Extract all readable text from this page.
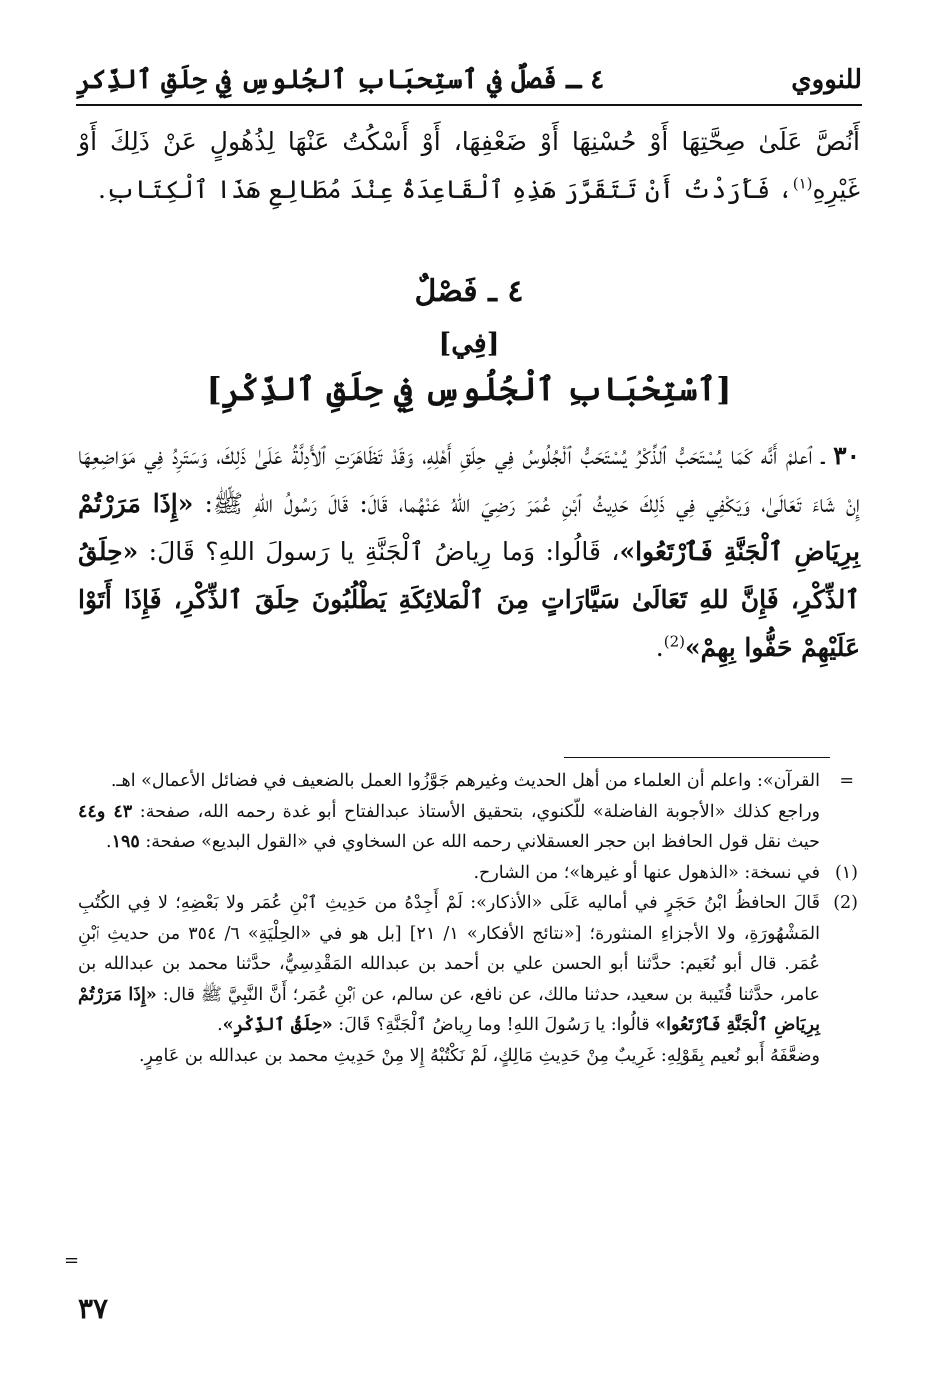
للنووي
٤ ـ فَصلٌ في ٱستِحبَابِ ٱلجُلوسِ فِي حِلَقِ ٱلذِّكرِ

أَنُصَّ عَلَىٰ صِحَّتِهَا أَوْ حُسْنِهَا أَوْ ضَعْفِهَا، أَوْ أَسْكُتُ عَنْهَا لِذُهُولٍ عَنْ ذَلِكَ أَوْ غَيْرِهِ$^{(١)}$، فَأَرَدْتُ أَنْ تَتَقَرَّرَ هَذِهِ ٱلْقَاعِدَةُ عِنْدَ مُطَالِعِ هَذَا ٱلْكِتَابِ.

٤ ـ فَصْلٌ
[فِي]
[ٱسْتِحْبَابِ ٱلْجُلُوسِ فِي حِلَقِ ٱلذِّكْرِ]

٣٠ ـ ٱعلمْ أَنَّه كَمَا يُسْتَحَبُّ ٱلذِّكْرُ يُسْتَحَبُّ ٱلْجُلُوسُ فِي حِلَقِ أَهْلِهِ، وَقَدْ تَظَاهَرَتِ ٱلأَدِلَّةُ عَلَىٰ ذَلِكَ، وَسَتَرِدُ فِي مَوَاضِعِهَا إِنْ شَاءَ تَعَالَىٰ، وَيَكْفِي فِي ذَلِكَ حَدِيثُ ٱبْنِ عُمَرَ رَضِيَ اللهُ عَنْهُما، قَالَ: قَالَ رَسُولُ اللهِ ﷺ: «إِذَا مَرَرْتُمْ بِرِيَاضِ ٱلْجَنَّةِ فَٱرْتَعُوا»، قَالُوا: وَما رِياضُ ٱلْجَنَّةِ يا رَسولَ اللهِ؟ قَالَ: «حِلَقُ ٱلذِّكْرِ، فَإِنَّ للهِ تَعَالَىٰ سَيَّارَاتٍ مِنَ ٱلْمَلائِكَةِ يَطْلُبُونَ حِلَقَ ٱلذِّكْرِ، فَإِذَا أَتَوْا عَلَيْهِمْ حَفُّوا بِهِمْ»$^{(2)}$.

=
القرآن»: واعلم أن العلماء من أهل الحديث وغيرهم جَوَّزُوا العمل بالضعيف في فضائل الأعمال» اهـ.
وراجع كذلك «الأجوبة الفاضلة» للّكنوي، بتحقيق الأستاذ عبدالفتاح أبو غدة رحمه الله، صفحة: ٤٣ و٤٤ حيث نقل قول الحافظ ابن حجر العسقلاني رحمه الله عن السخاوي في «القول البديع» صفحة: ١٩٥.
(١)
في نسخة: «الذهول عنها أو غيرها»؛ من الشارح.
(2)
قَالَ الحافظُ ابْنُ حَجَرٍ في أماليه عَلَى «الأذكار»: لَمْ أَجِدْهُ من حَدِيثِ ٱبْنِ عُمَر ولا بَعْضِهِ؛ لا فِي الكُتُبِ المَشْهُورَةِ، ولا الأجزاءِ المنثورة؛ [«نتائج الأفكار» ١/ ٢١] [بل هو في «الحِلْيَةِ» ٦/ ٣٥٤ من حديثِ ٱبْنِ عُمَر. قال أبو نُعَيم: حدَّثنا أبو الحسن علي بن أحمد بن عبدالله المَقْدِسِيُّ، حدَّثنا محمد بن عبدالله بن عامر، حدَّثنا قُتَيبة بن سعيد، حدثنا مالك، عن نافع، عن سالم، عن ٱبْنِ عُمَر؛ أَنَّ النَّبِيَّ ﷺ قال: «إِذَا مَرَرْتُمْ بِرِيَاضِ ٱلْجَنَّةِ فَٱرْتَعُوا» قالُوا: يا رَسُولَ اللهِ! وما رِياضُ ٱلْجَنَّةِ؟ قَالَ: «حِلَقُ ٱلذِّكْرِ».
وضعَّفَهُ أَبو نُعيم بِقَوْلِهِ: غَرِيبٌ مِنْ حَدِيثِ مَالِكٍ، لَمْ نَكْتُبْهُ إِلا مِنْ حَدِيثِ محمد بن عبدالله بن عَامِرٍ.
=
٣٧
